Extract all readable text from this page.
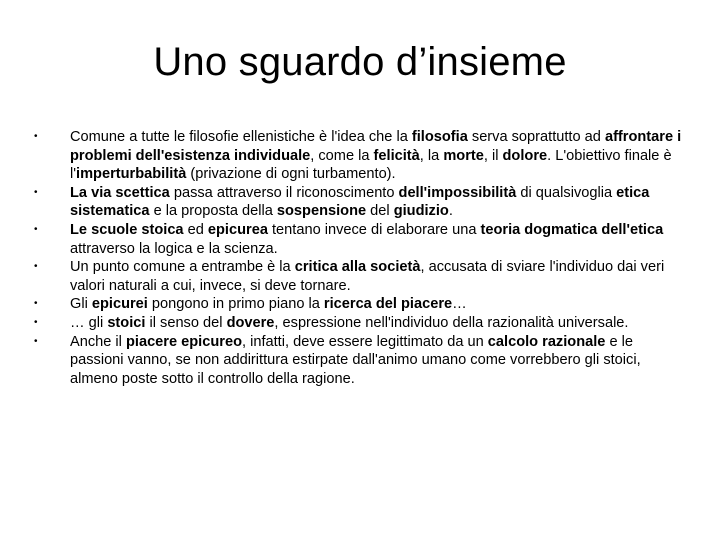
Uno sguardo d’insieme
• Comune a tutte le filosofie ellenistiche è l'idea che la filosofia serva soprattutto ad affrontare i problemi dell'esistenza individuale, come la felicità, la morte, il dolore. L'obiettivo finale è l'imperturbabilità (privazione di ogni turbamento).
• La via scettica passa attraverso il riconoscimento dell'impossibilità di qualsivoglia etica sistematica e la proposta della sospensione del giudizio.
• Le scuole stoica ed epicurea tentano invece di elaborare una teoria dogmatica dell'etica attraverso la logica e la scienza.
• Un punto comune a entrambe è la critica alla società, accusata di sviare l'individuo dai veri valori naturali a cui, invece, si deve tornare.
• Gli epicurei pongono in primo piano la ricerca del piacere…
• … gli stoici il senso del dovere, espressione nell'individuo della razionalità universale.
• Anche il piacere epicureo, infatti, deve essere legittimato da un calcolo razionale e le passioni vanno, se non addirittura estirpate dall'animo umano come vorrebbero gli stoici, almeno poste sotto il controllo della ragione.
